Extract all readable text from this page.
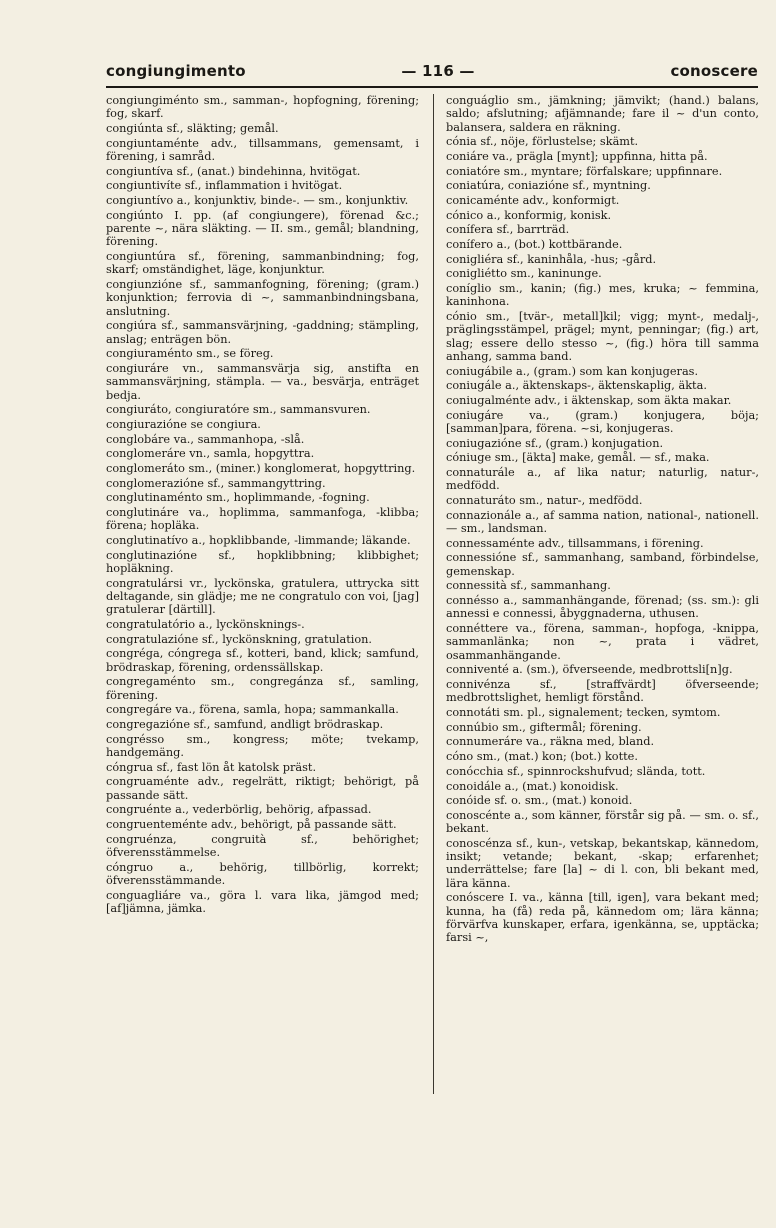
congiungimento	— 116 —	conoscere
congiungiménto sm., samman-, hopfogning, förening; fog, skarf.
congiúnta sf., släkting; gemål.
congiuntaménte adv., tillsammans, gemensamt, i förening, i samråd.
congiuntíva sf., (anat.) bindehinna, hvitögat.
congiuntivíte sf., inflammation i hvitögat.
congiuntívo a., konjunktiv, binde-. — sm., konjunktiv.
congiúnto I. pp. (af congiungere), förenad &c.; parente ~, nära släkting. — II. sm., gemål; blandning, förening.
congiuntúra sf., förening, sammanbindning; fog, skarf; omständighet, läge, konjunktur.
congiunzióne sf., sammanfogning, förening; (gram.) konjunktion; ferrovia di ~, sammanbindningsbana, anslutning.
congiúra sf., sammansvärjning, -gaddning; stämpling, anslag; enträgen bön.
congiuraménto sm., se föreg.
congiuráre vn., sammansvärja sig, anstifta en sammansvärjning, stämpla. — va., besvärja, enträget bedja.
congiuráto, congiuratóre sm., sammansvuren.
congiurazióne se congiura.
conglobáre va., sammanhopa, -slå.
conglomeráre vn., samla, hopgyttra.
conglomeráto sm., (miner.) konglomerat, hopgyttring.
conglomerazióne sf., sammangyttring.
conglutinaménto sm., hoplimmande, -fogning.
conglutináre va., hoplimma, sammanfoga, -klibba; förena; hopläka.
conglutinatívo a., hopklibbande, -limmande; läkande.
conglutinazióne sf., hopklibbning; klibbighet; hopläkning.
congratulársi vr., lyckönska, gratulera, uttrycka sitt deltagande, sin glädje; me ne congratulo con voi, [jag] gratulerar [därtill].
congratulatório a., lyckönsknings-.
congratulazióne sf., lyckönskning, gratulation.
congréga, cóngrega sf., kotteri, band, klick; samfund, brödraskap, förening, ordenssällskap.
congregaménto sm., congregánza sf., samling, förening.
congregáre va., förena, samla, hopa; sammankalla.
congregazióne sf., samfund, andligt brödraskap.
congrésso sm., kongress; möte; tvekamp, handgemäng.
cóngrua sf., fast lön åt katolsk präst.
congruaménte adv., regelrätt, riktigt; behörigt, på passande sätt.
congruénte a., vederbörlig, behörig, afpassad.
congruenteménte adv., behörigt, på passande sätt.
congruénza, congruità sf., behörighet; öfverensstämmelse.
cóngruo a., behörig, tillbörlig, korrekt; öfverensstämmande.
conguagliáre va., göra l. vara lika, jämgod med; [af]jämna, jämka.
conguáglio sm., jämkning; jämvikt; (hand.) balans, saldo; afslutning; afjämnande; fare il ~ d'un conto, balansera, saldera en räkning.
cónia sf., nöje, förlustelse; skämt.
coniáre va., prägla [mynt]; uppfinna, hitta på.
coniatóre sm., myntare; förfalskare; uppfinnare.
coniatúra, coniazióne sf., myntning.
conicaménte adv., konformigt.
cónico a., konformig, konisk.
conífera sf., barrträd.
conífero a., (bot.) kottbärande.
conigliéra sf., kaninhåla, -hus; -gård.
conigliétto sm., kaninunge.
coníglio sm., kanin; (fig.) mes, kruka; ~ femmina, kaninhona.
cónio sm., [tvär-, metall]kil; vigg; mynt-, medalj-, präglingsstämpel, prägel; mynt, penningar; (fig.) art, slag; essere dello stesso ~, (fig.) höra till samma anhang, samma band.
coniugábile a., (gram.) som kan konjugeras.
coniugále a., äktenskaps-, äktenskaplig, äkta.
coniugalménte adv., i äktenskap, som äkta makar.
coniugáre va., (gram.) konjugera, böja; [samman]para, förena. ~si, konjugeras.
coniugazióne sf., (gram.) konjugation.
cóniuge sm., [äkta] make, gemål. — sf., maka.
connaturále a., af lika natur; naturlig, natur-, medfödd.
connaturáto sm., natur-, medfödd.
connazionále a., af samma nation, national-, nationell. — sm., landsman.
connessaménte adv., tillsammans, i förening.
connessióne sf., sammanhang, samband, förbindelse, gemenskap.
connessità sf., sammanhang.
connésso a., sammanhängande, förenad; (ss. sm.): gli annessi e connessi, åbyggnaderna, uthusen.
connéttere va., förena, samman-, hopfoga, -knippa, sammanlänka; non ~, prata i vädret, osammanhängande.
conniventé a. (sm.), öfverseende, medbrottsli[n]g.
connivénza sf., [straffvärdt] öfverseende; medbrottslighet, hemligt förstånd.
connotáti sm. pl., signalement; tecken, symtom.
connúbio sm., giftermål; förening.
connumeráre va., räkna med, bland.
cóno sm., (mat.) kon; (bot.) kotte.
conócchia sf., spinnrockshufvud; slända, tott.
conoidále a., (mat.) konoidisk.
conóide sf. o. sm., (mat.) konoid.
conoscénte a., som känner, förstår sig på. — sm. o. sf., bekant.
conoscénza sf., kun-, vetskap, bekantskap, kännedom, insikt; vetande; bekant, -skap; erfarenhet; underrättelse; fare [la] ~ di l. con, bli bekant med, lära känna.
conóscere I. va., känna [till, igen], vara bekant med; kunna, ha (få) reda på, kännedom om; lära känna; förvärfva kunskaper, erfara, igenkänna, se, upptäcka; farsi ~,
